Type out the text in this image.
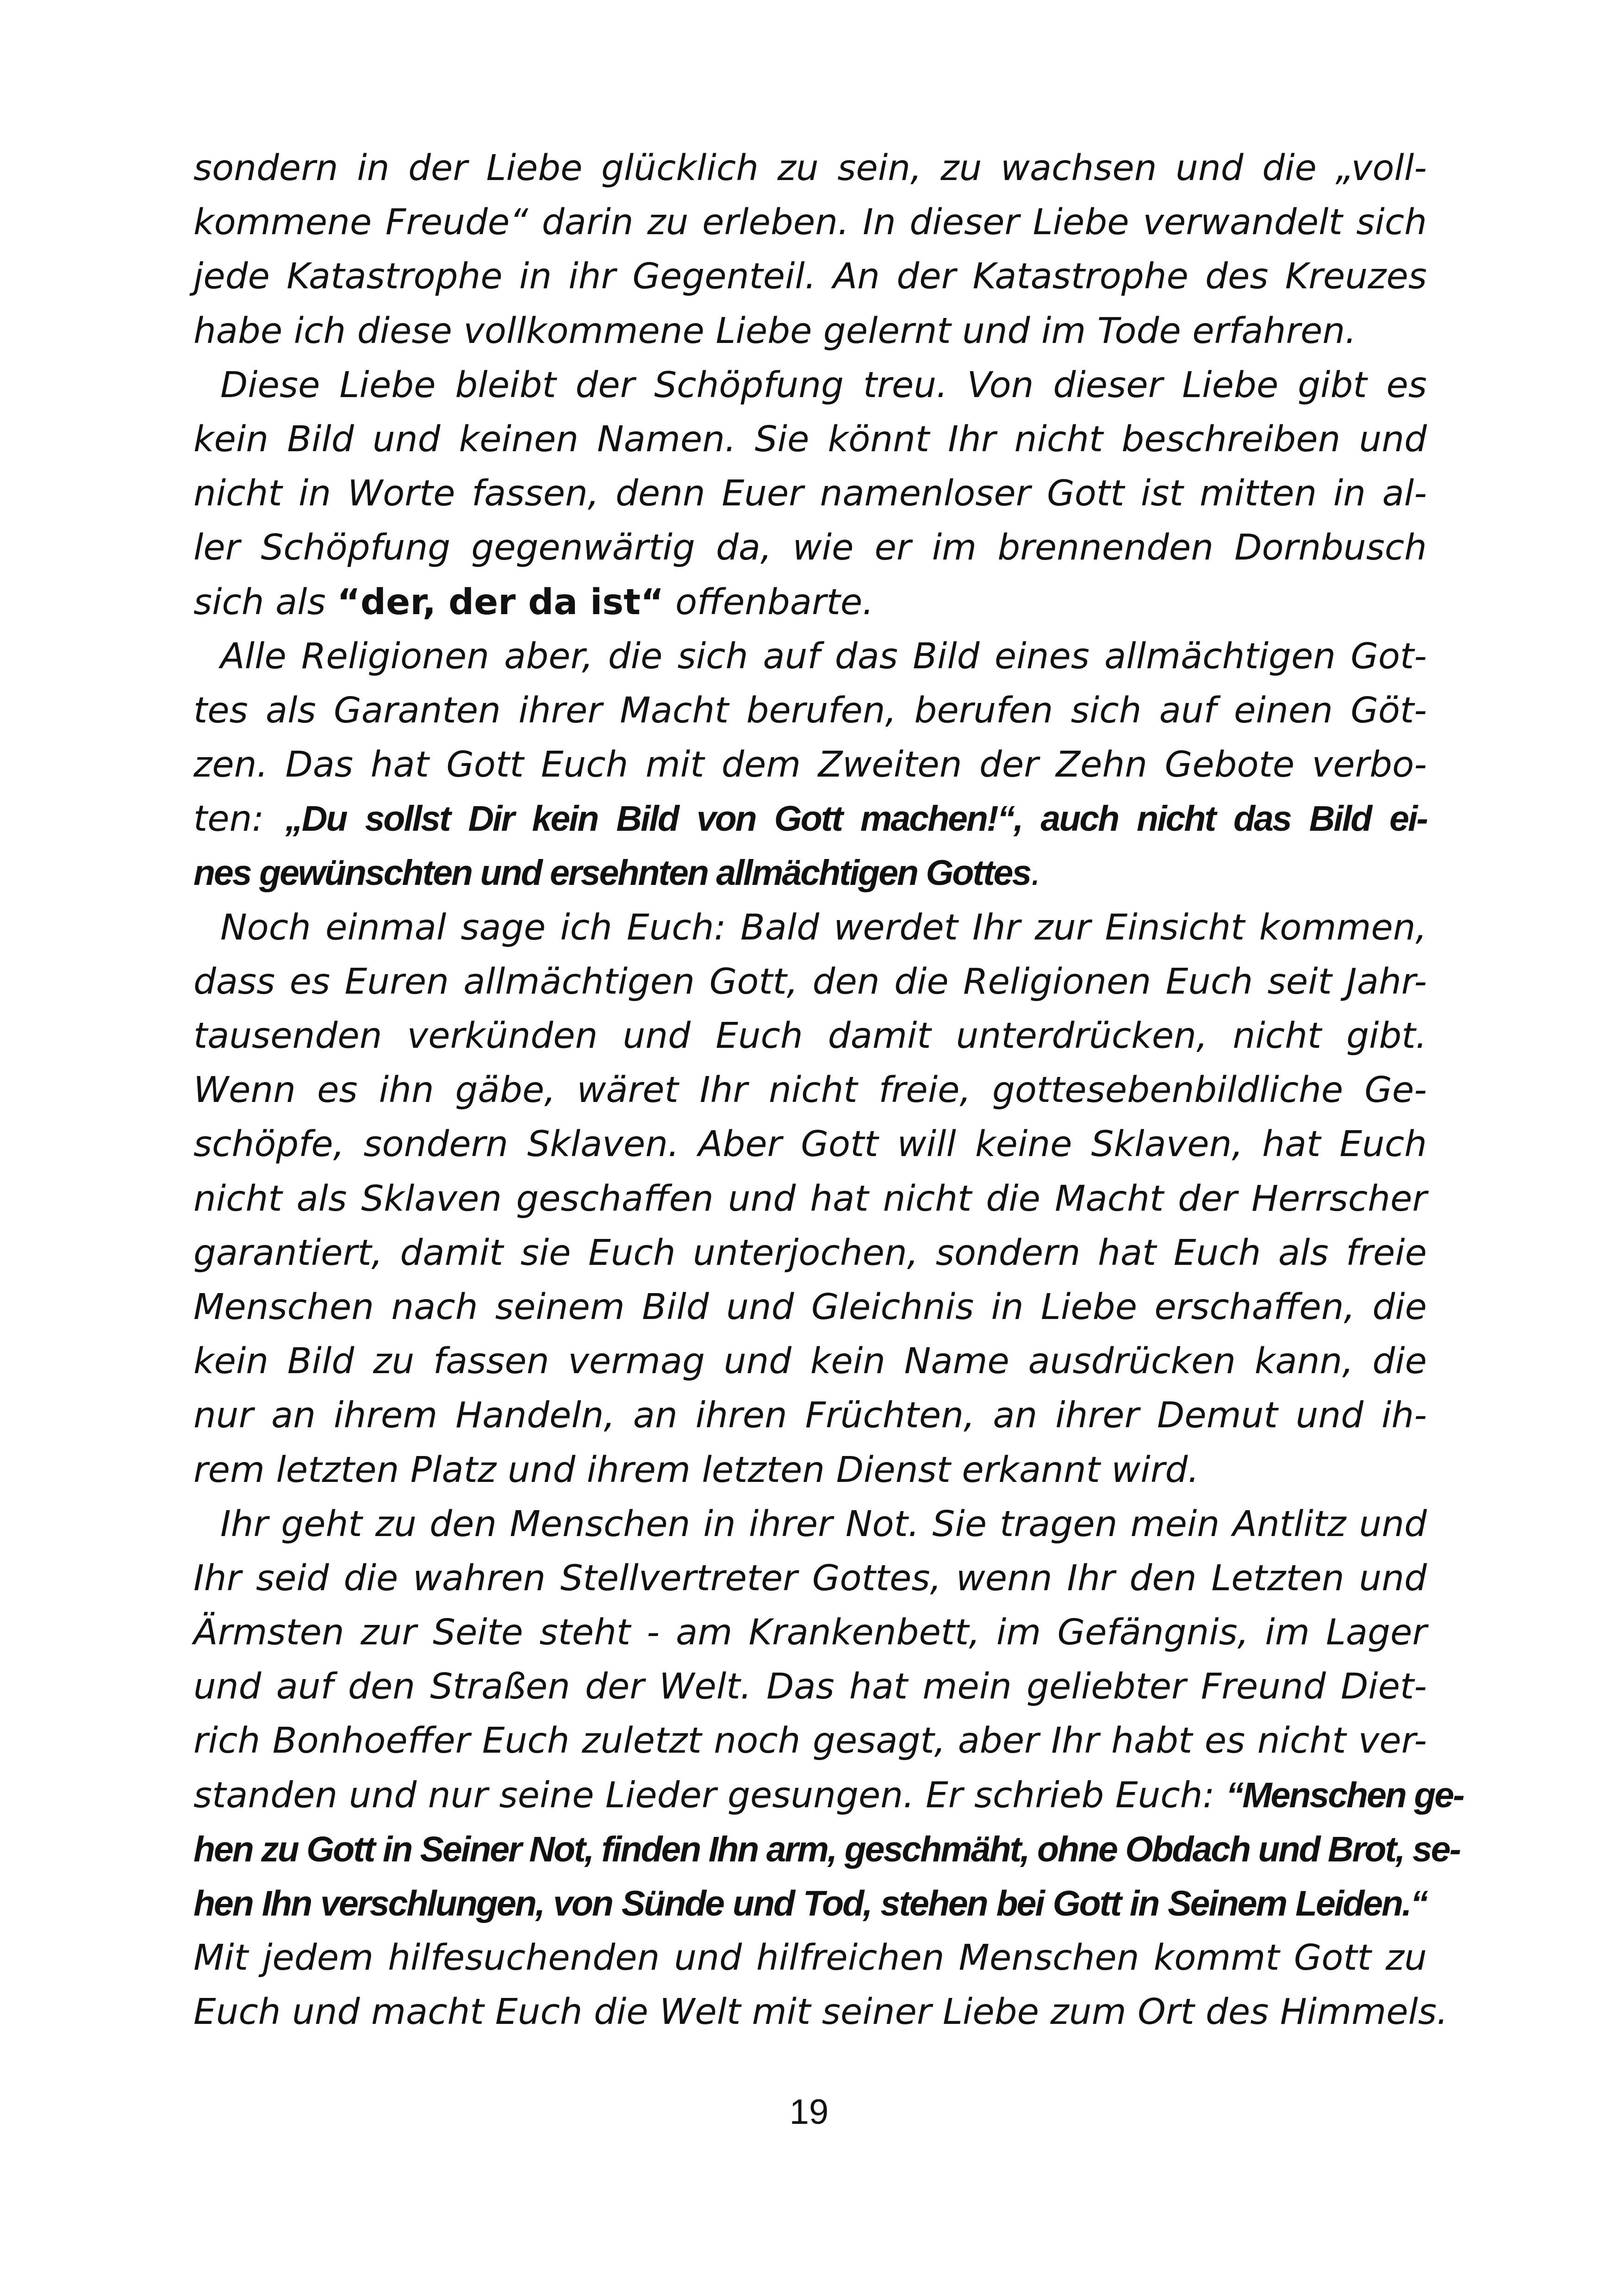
sondern in der Liebe glücklich zu sein, zu wachsen und die „voll-
kommene Freude“ darin zu erleben. In dieser Liebe verwandelt sich
jede Katastrophe in ihr Gegenteil. An der Katastrophe des Kreuzes
habe ich diese vollkommene Liebe gelernt und im Tode erfahren.
Diese Liebe bleibt der Schöpfung treu. Von dieser Liebe gibt es
kein Bild und keinen Namen. Sie könnt Ihr nicht beschreiben und
nicht in Worte fassen, denn Euer namenloser Gott ist mitten in al-
ler Schöpfung gegenwärtig da, wie er im brennenden Dornbusch
sich als “der, der da ist“ offenbarte.
Alle Religionen aber, die sich auf das Bild eines allmächtigen Got-
tes als Garanten ihrer Macht berufen, berufen sich auf einen Göt-
zen. Das hat Gott Euch mit dem Zweiten der Zehn Gebote verbo-
ten: „Du sollst Dir kein Bild von Gott machen!“, auch nicht das Bild ei-
nes gewünschten und ersehnten allmächtigen Gottes.
Noch einmal sage ich Euch: Bald werdet Ihr zur Einsicht kommen,
dass es Euren allmächtigen Gott, den die Religionen Euch seit Jahr-
tausenden verkünden und Euch damit unterdrücken, nicht gibt.
Wenn es ihn gäbe, wäret Ihr nicht freie, gottesebenbildliche Ge-
schöpfe, sondern Sklaven. Aber Gott will keine Sklaven, hat Euch
nicht als Sklaven geschaffen und hat nicht die Macht der Herrscher
garantiert, damit sie Euch unterjochen, sondern hat Euch als freie
Menschen nach seinem Bild und Gleichnis in Liebe erschaffen, die
kein Bild zu fassen vermag und kein Name ausdrücken kann, die
nur an ihrem Handeln, an ihren Früchten, an ihrer Demut und ih-
rem letzten Platz und ihrem letzten Dienst erkannt wird.
Ihr geht zu den Menschen in ihrer Not. Sie tragen mein Antlitz und
Ihr seid die wahren Stellvertreter Gottes, wenn Ihr den Letzten und
Ärmsten zur Seite steht - am Krankenbett, im Gefängnis, im Lager
und auf den Straßen der Welt. Das hat mein geliebter Freund Diet-
rich Bonhoeffer Euch zuletzt noch gesagt, aber Ihr habt es nicht ver-
standen und nur seine Lieder gesungen. Er schrieb Euch: “Menschen ge-
hen zu Gott in Seiner Not, finden Ihn arm, geschmäht, ohne Obdach und Brot, se-
hen Ihn verschlungen, von Sünde und Tod, stehen bei Gott in Seinem Leiden.“
Mit jedem hilfesuchenden und hilfreichen Menschen kommt Gott zu
Euch und macht Euch die Welt mit seiner Liebe zum Ort des Himmels.
19
